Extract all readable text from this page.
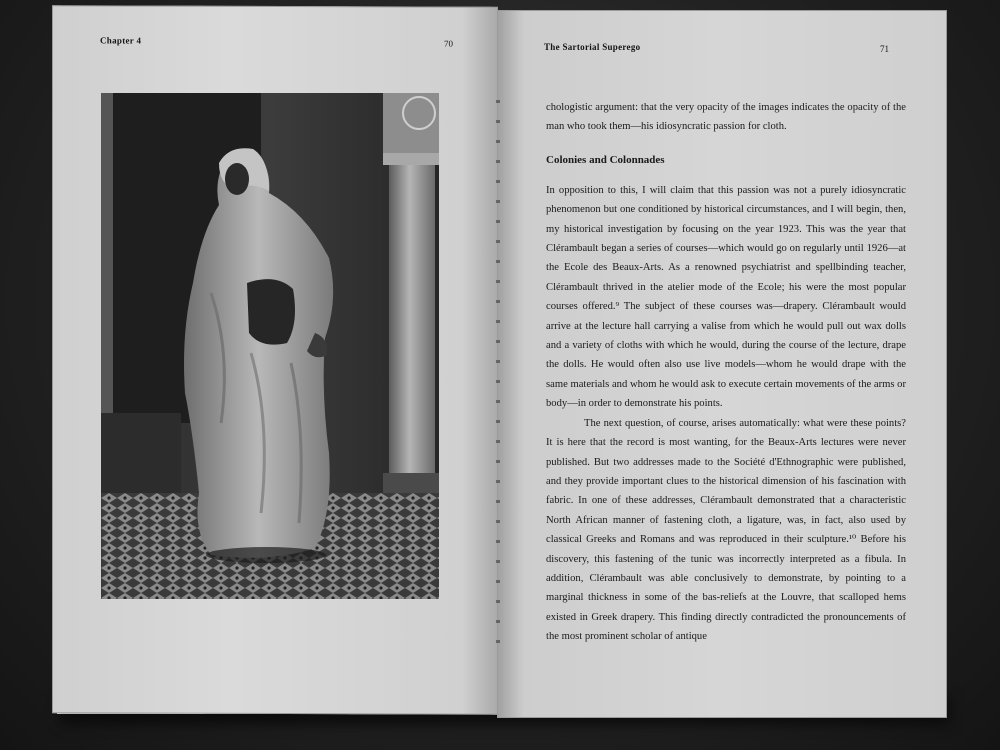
Chapter 4	70	The Sartorial Superego	71

chologistic argument: that the very opacity of the images indicates the opacity of the man who took them—his idiosyncratic passion for cloth.

Colonies and Colonnades

In opposition to this, I will claim that this passion was not a purely idiosyncratic phenomenon but one conditioned by historical circumstances, and I will begin, then, my historical investigation by focusing on the year 1923. This was the year that Clérambault began a series of courses—which would go on regularly until 1926—at the Ecole des Beaux-Arts. As a renowned psychiatrist and spellbinding teacher, Clérambault thrived in the atelier mode of the Ecole; his were the most popular courses offered.⁹ The subject of these courses was—drapery. Clérambault would arrive at the lecture hall carrying a valise from which he would pull out wax dolls and a variety of cloths with which he would, during the course of the lecture, drape the dolls. He would often also use live models—whom he would drape with the same materials and whom he would ask to execute certain movements of the arms or body—in order to demonstrate his points.

The next question, of course, arises automatically: what were these points? It is here that the record is most wanting, for the Beaux-Arts lectures were never published. But two addresses made to the Société d'Ethnographic were published, and they provide important clues to the historical dimension of his fascination with fabric. In one of these addresses, Clérambault demonstrated that a characteristic North African manner of fastening cloth, a ligature, was, in fact, also used by classical Greeks and Romans and was reproduced in their sculpture.¹⁰ Before his discovery, this fastening of the tunic was incorrectly interpreted as a fibula. In addition, Clérambault was able conclusively to demonstrate, by pointing to a marginal thickness in some of the bas-reliefs at the Louvre, that scalloped hems existed in Greek drapery. This finding directly contradicted the pronouncements of the most prominent scholar of antique
